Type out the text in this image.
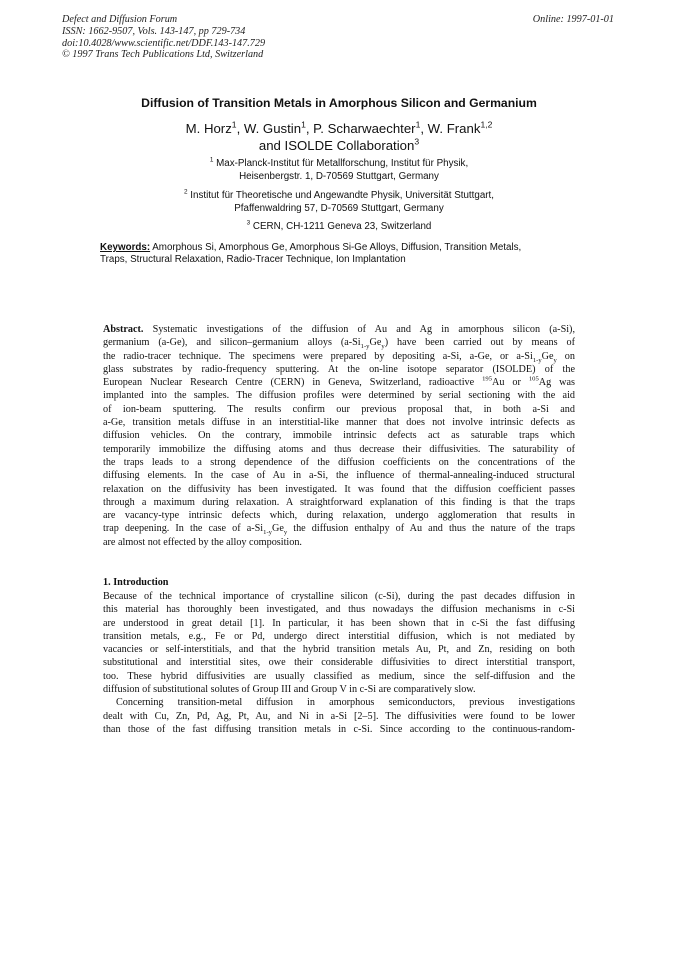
Defect and Diffusion Forum
ISSN: 1662-9507, Vols. 143-147, pp 729-734
doi:10.4028/www.scientific.net/DDF.143-147.729
© 1997 Trans Tech Publications Ltd, Switzerland
Online: 1997-01-01
Diffusion of Transition Metals in Amorphous Silicon and Germanium
M. Horz$^1$, W. Gustin$^1$, P. Scharwaechter$^1$, W. Frank$^{1,2}$
and ISOLDE Collaboration$^3$
$^1$ Max-Planck-Institut für Metallforschung, Institut für Physik,
Heisenbergstr. 1, D-70569 Stuttgart, Germany
$^2$ Institut für Theoretische und Angewandte Physik, Universität Stuttgart,
Pfaffenwaldring 57, D-70569 Stuttgart, Germany
$^3$ CERN, CH-1211 Geneva 23, Switzerland
Keywords: Amorphous Si, Amorphous Ge, Amorphous Si-Ge Alloys, Diffusion, Transition Metals,
Traps, Structural Relaxation, Radio-Tracer Technique, Ion Implantation
Abstract. Systematic investigations of the diffusion of Au and Ag in amorphous silicon (a-Si),
germanium (a-Ge), and silicon–germanium alloys $(a-Si_{1-y}Ge_y)$ have been carried out by means of
the radio-tracer technique. The specimens were prepared by depositing a-Si, a-Ge, or $a-Si_{1-y}Ge_y$ on
glass substrates by radio-frequency sputtering. At the on-line isotope separator (ISOLDE) of the
European Nuclear Research Centre (CERN) in Geneva, Switzerland, radioactive $^{195}$Au or $^{105}$Ag was
implanted into the samples. The diffusion profiles were determined by serial sectioning with the aid
of ion-beam sputtering. The results confirm our previous proposal that, in both a-Si and
a-Ge, transition metals diffuse in an interstitial-like manner that does not involve intrinsic defects as
diffusion vehicles. On the contrary, immobile intrinsic defects act as saturable traps which
temporarily immobilize the diffusing atoms and thus decrease their diffusivities. The saturability of
the traps leads to a strong dependence of the diffusion coefficients on the concentrations of the
diffusing elements. In the case of Au in a-Si, the influence of thermal-annealing-induced structural
relaxation on the diffusivity has been investigated. It was found that the diffusion coefficient passes
through a maximum during relaxation. A straightforward explanation of this finding is that the traps
are vacancy-type intrinsic defects which, during relaxation, undergo agglomeration that results in
trap deepening. In the case of $a-Si_{1-y}Ge_y$ the diffusion enthalpy of Au and thus the nature of the traps
are almost not effected by the alloy composition.
1. Introduction
Because of the technical importance of crystalline silicon (c-Si), during the past decades diffusion in
this material has thoroughly been investigated, and thus nowadays the diffusion mechanisms in c-Si
are understood in great detail [1]. In particular, it has been shown that in c-Si the fast diffusing
transition metals, e.g., Fe or Pd, undergo direct interstitial diffusion, which is not mediated by
vacancies or self-interstitials, and that the hybrid transition metals Au, Pt, and Zn, residing on both
substitutional and interstitial sites, owe their considerable diffusivities to direct interstitial transport,
too. These hybrid diffusivities are usually classified as medium, since the self-diffusion and the
diffusion of substitutional solutes of Group III and Group V in c-Si are comparatively slow.
Concerning transition-metal diffusion in amorphous semiconductors, previous investigations
dealt with Cu, Zn, Pd, Ag, Pt, Au, and Ni in a-Si [2–5]. The diffusivities were found to be lower
than those of the fast diffusing transition metals in c-Si. Since according to the continuous-random-
